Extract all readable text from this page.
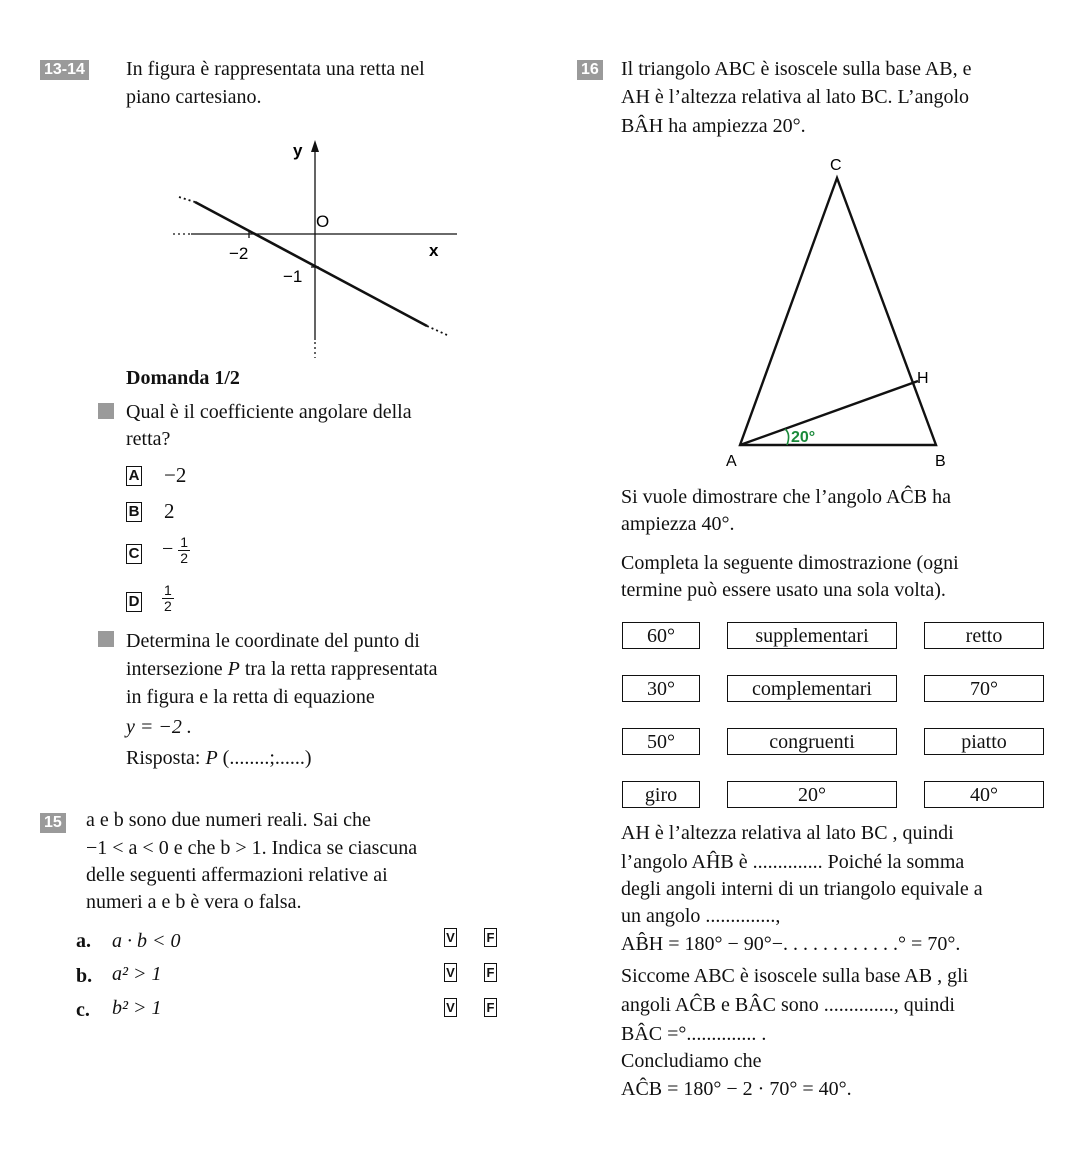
13-14 In figura è rappresentata una retta nel
piano cartesiano.
y
x
O
−2
−1
Domanda 1/2
Qual è il coefficiente angolare della
retta?
A −2
B 2
$C - \frac{1}{2}$
D $\frac{1}{2}$
Determina le coordinate del punto di
intersezione P tra la retta rappresentata
in figura e la retta di equazione
y = −2 .
Risposta: P (........;......)
15 a e b sono due numeri reali. Sai che
−1 < a < 0 e che b > 1. Indica se ciascuna
delle seguenti affermazioni relative ai
numeri a e b è vera o falsa.
a. a · b < 0	V F
b. a² > 1	V F
c. b² > 1	V F
16 Il triangolo ABC è isoscele sulla base AB, e
AH è l’altezza relativa al lato BC. L’angolo
BÂH ha ampiezza 20°.
C
H
A	B
20°
Si vuole dimostrare che l’angolo AĈB ha
ampiezza 40°.
Completa la seguente dimostrazione (ogni
termine può essere usato una sola volta).
60°	supplementari	retto
30°	complementari	70°
50°	congruenti	piatto
giro	20°	40°
AH è l’altezza relativa al lato BC , quindi
l’angolo AĤB è .............. Poiché la somma
degli angoli interni di un triangolo equivale a
un angolo ..............,
AB̂H = 180° − 90°−. . . . . . . . . . . .° = 70°.
Siccome ABC è isoscele sulla base AB , gli
angoli AĈB e BÂC sono .............., quindi
BÂC =°.............. .
Concludiamo che
AĈB = 180° − 2 · 70° = 40°.
